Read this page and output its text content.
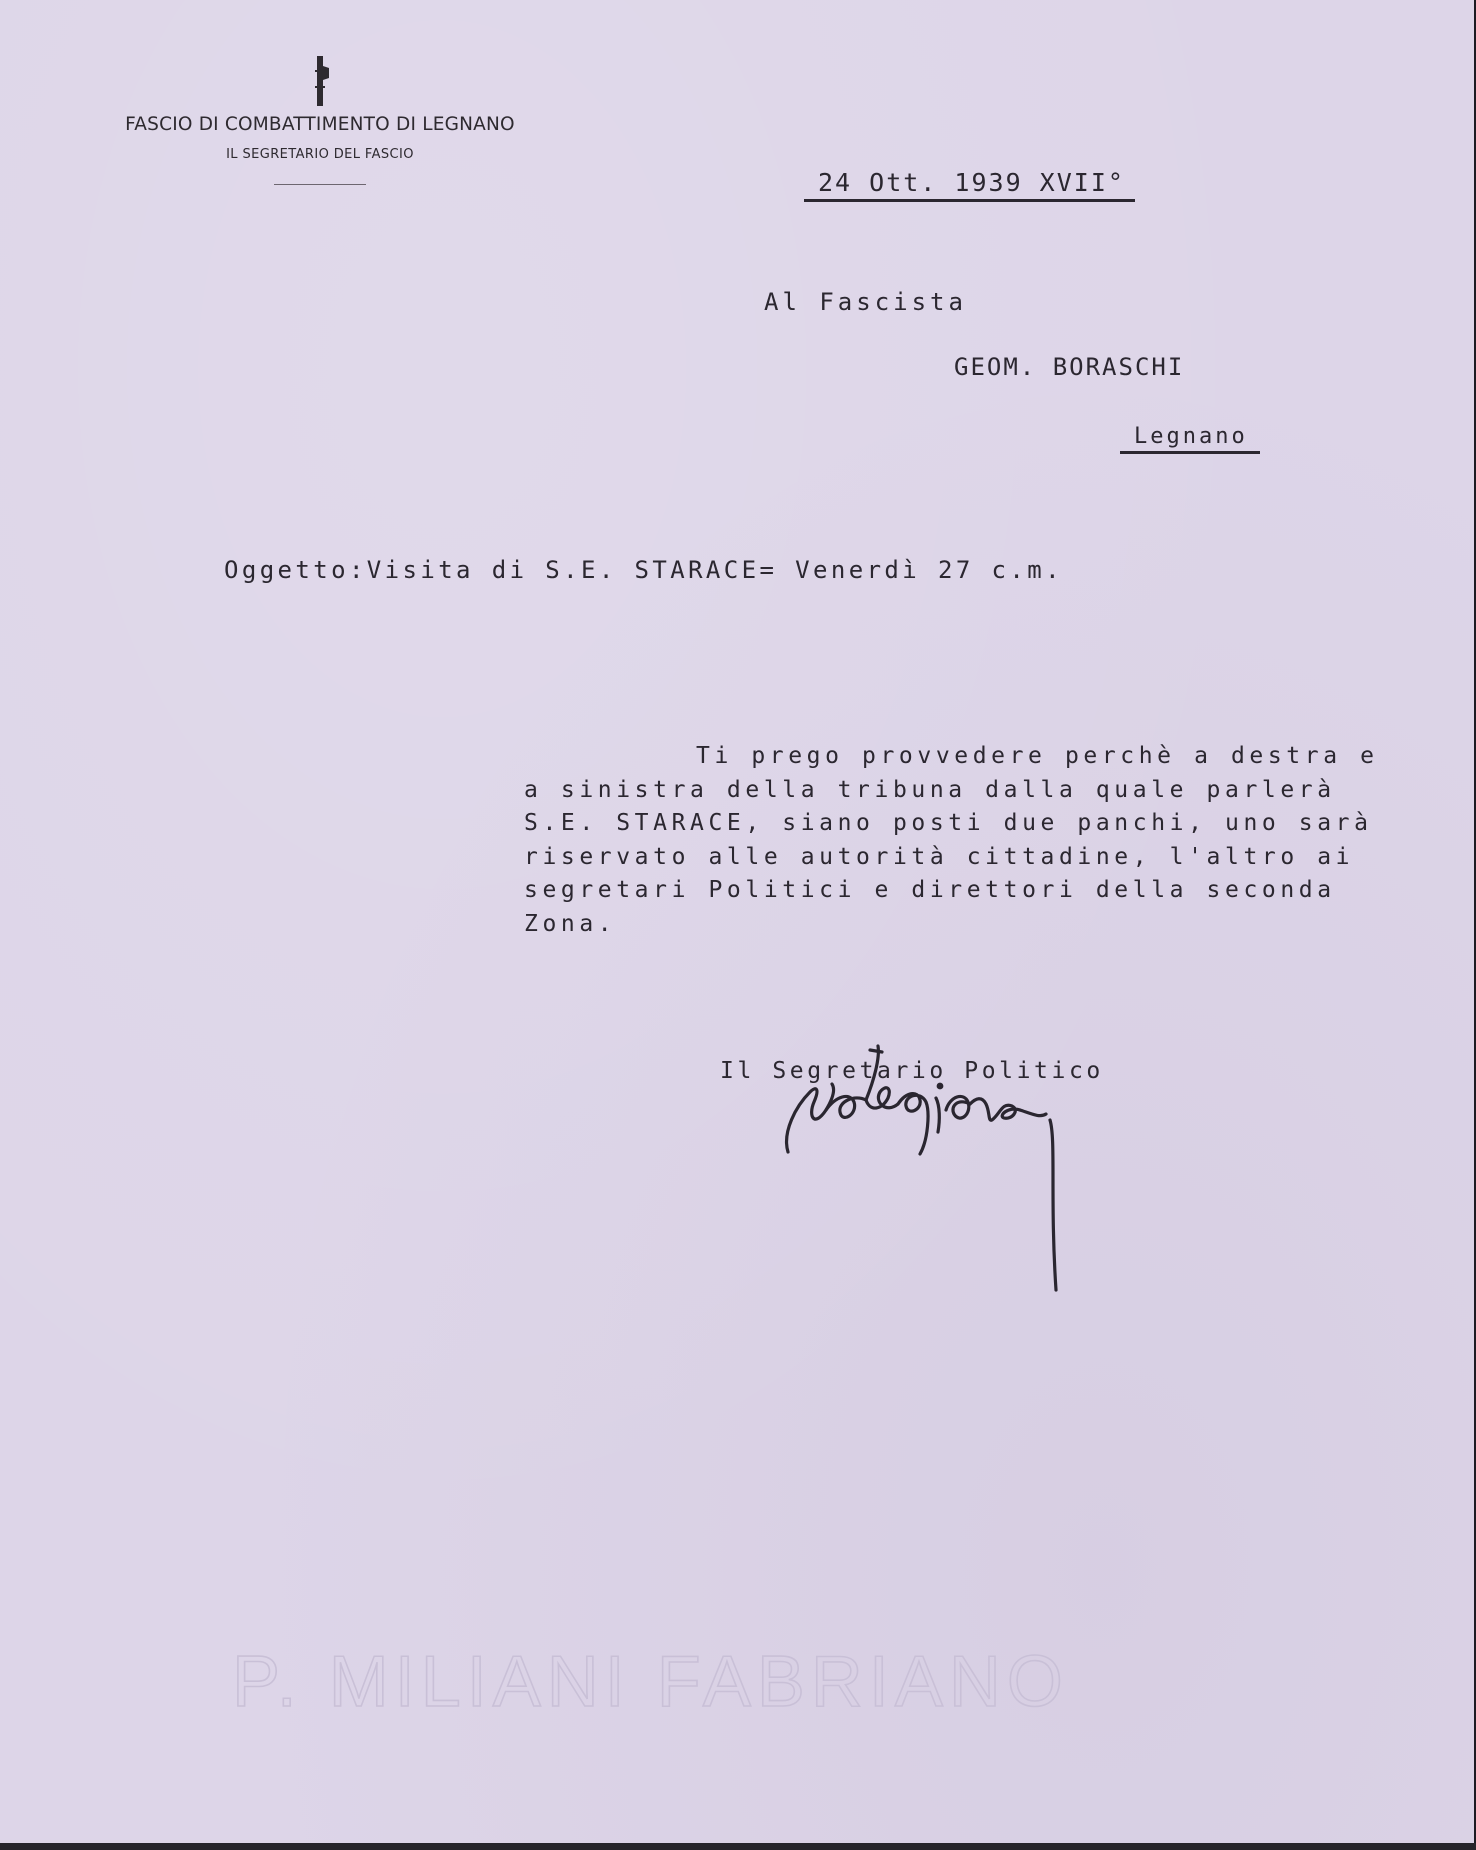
FASCIO DI COMBATTIMENTO DI LEGNANO
IL SEGRETARIO DEL FASCIO
24 Ott. 1939 XVII°
Al Fascista
GEOM. BORASCHI
Legnano
Oggetto:Visita di S.E. STARACE= Venerdì 27 c.m.
Ti prego provvedere perchè a destra e
a sinistra della tribuna dalla quale parlerà
S.E. STARACE, siano posti due panchi, uno sarà
riservato alle autorità cittadine, l'altro ai
segretari Politici e direttori della seconda
Zona.
Il Segretario Politico
P. MILIANI FABRIANO
